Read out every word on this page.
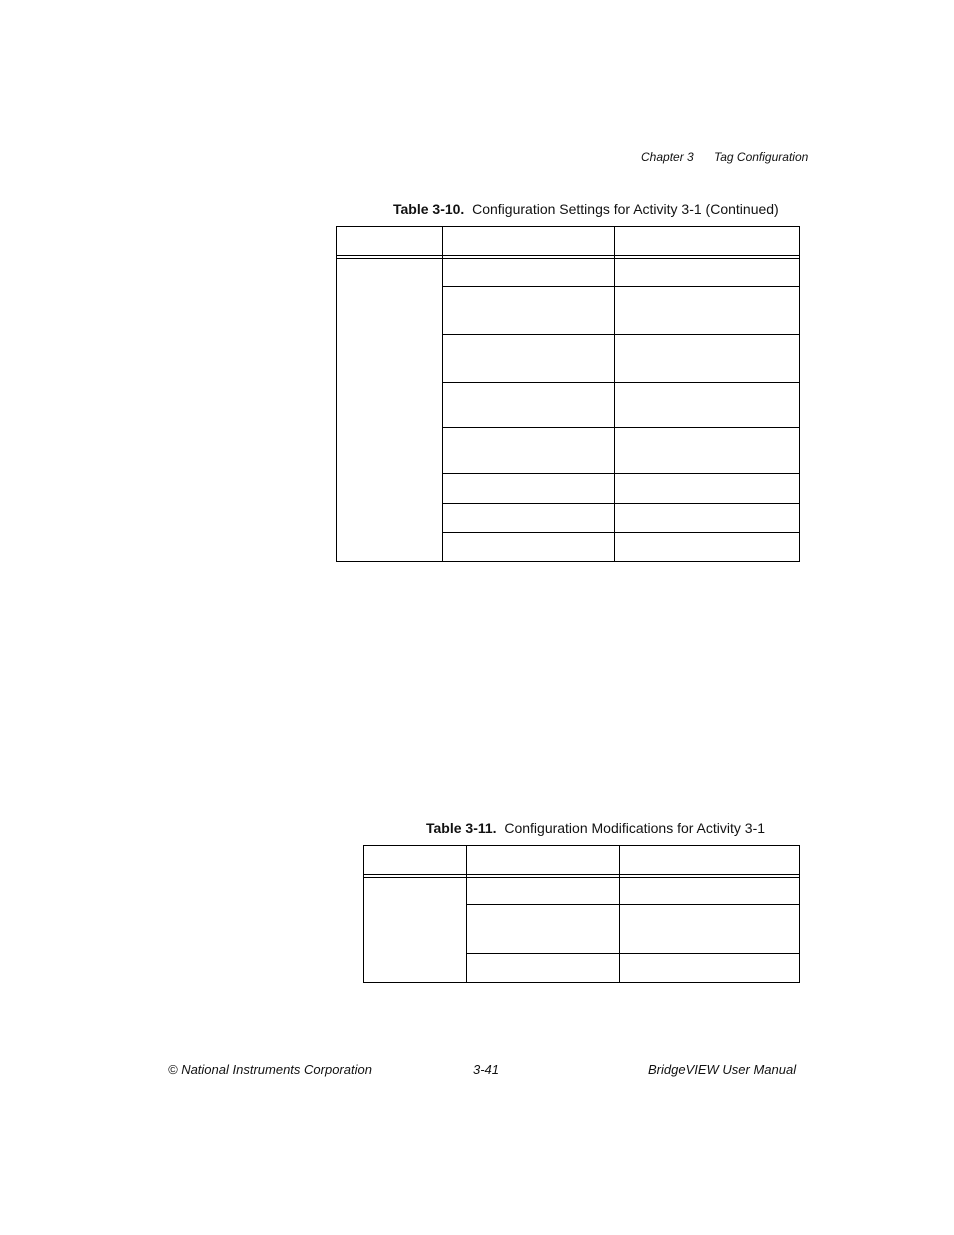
Chapter 3 Tag Configuration
Table 3-10. Configuration Settings for Activity 3-1 (Continued)
Table 3-11. Configuration Modifications for Activity 3-1
© National Instruments Corporation	3-41	BridgeVIEW User Manual
